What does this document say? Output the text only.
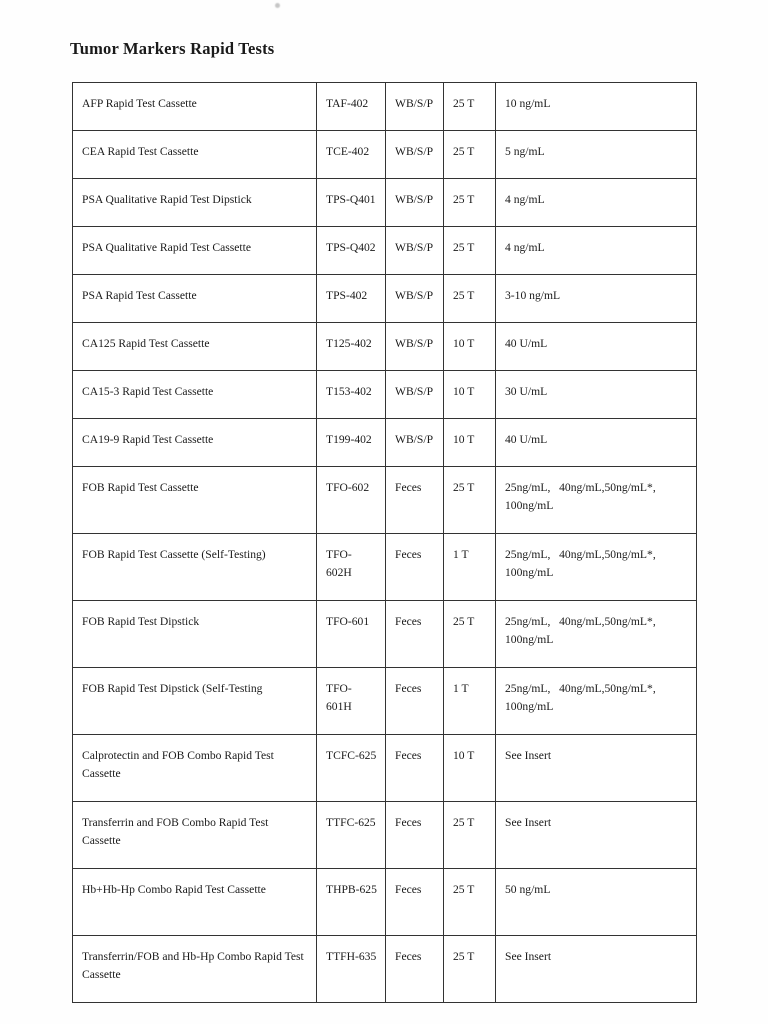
Tumor Markers Rapid Tests
AFP Rapid Test Cassette	TAF-402	WB/S/P	25 T	10 ng/mL

CEA Rapid Test Cassette	TCE-402	WB/S/P	25 T	5 ng/mL

PSA Qualitative Rapid Test Dipstick	TPS-Q401	WB/S/P	25 T	4 ng/mL

PSA Qualitative Rapid Test Cassette	TPS-Q402	WB/S/P	25 T	4 ng/mL

PSA Rapid Test Cassette	TPS-402	WB/S/P	25 T	3-10 ng/mL

CA125 Rapid Test Cassette	T125-402	WB/S/P	10 T	40 U/mL

CA15-3 Rapid Test Cassette	T153-402	WB/S/P	10 T	30 U/mL

CA19-9 Rapid Test Cassette	T199-402	WB/S/P	10 T	40 U/mL

FOB Rapid Test Cassette	TFO-602	Feces	25 T	25ng/mL,   40ng/mL,50ng/mL*,
100ng/mL

FOB Rapid Test Cassette (Self-Testing)	TFO-602H	Feces	1 T	25ng/mL,   40ng/mL,50ng/mL*,
100ng/mL

FOB Rapid Test Dipstick	TFO-601	Feces	25 T	25ng/mL,   40ng/mL,50ng/mL*,
100ng/mL

FOB Rapid Test Dipstick (Self-Testing	TFO-601H	Feces	1 T	25ng/mL,   40ng/mL,50ng/mL*,
100ng/mL

Calprotectin and FOB Combo Rapid Test Cassette	TCFC-625	Feces	10 T	See Insert

Transferrin and FOB Combo Rapid Test Cassette	TTFC-625	Feces	25 T	See Insert

Hb+Hb-Hp Combo Rapid Test Cassette	THPB-625	Feces	25 T	50 ng/mL

Transferrin/FOB and Hb-Hp Combo Rapid Test Cassette	TTFH-635	Feces	25 T	See Insert
